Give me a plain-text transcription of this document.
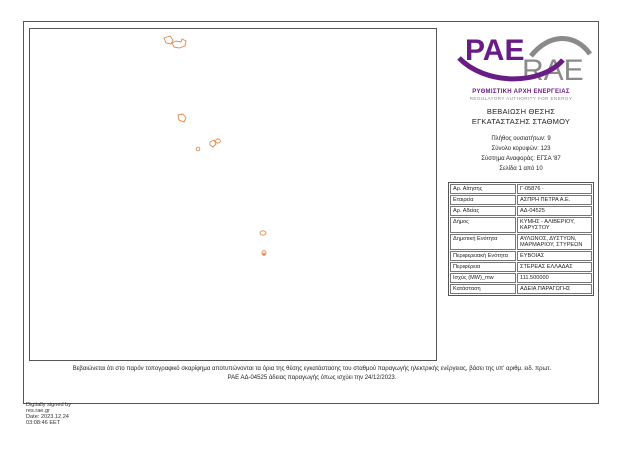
PAE
RAE
ΡΥΘΜΙΣΤΙΚΗ ΑΡΧΗ ΕΝΕΡΓΕΙΑΣ
REGULATORY AUTHORITY FOR ENERGY
ΒΕΒΑΙΩΣΗ ΘΕΣΗΣ
ΕΓΚΑΤΑΣΤΑΣΗΣ ΣΤΑΘΜΟΥ
Πλήθος ουσιατήτων: 9
Σύνολο κορυφών: 123
Σύστημα Αναφοράς: ΕΓΣΑ '87
Σελίδα 1 από 10
Αρ. Αίτησης	Γ-05876 ·
Εταιρεία	ΑΣΠΡΗ ΠΕΤΡΑ Α.Ε.
Αρ. Αδείας	ΑΔ-04525
Δήμος	ΚΥΜΗΣ - ΑΛΙΒΕΡΙΟΥ, ΚΑΡΥΣΤΟΥ
Δημοτική Ενότητα	ΑΥΛΩΝΟΣ, ΔΥΣΤΥΩΝ, ΜΑΡΜΑΡΙΟΥ, ΣΤΥΡΕΩΝ
Περιφερειακή Ενότητα	ΕΥΒΟΙΑΣ
Περιφέρεια	ΣΤΕΡΕΑΣ ΕΛΛΑΔΑΣ
Ισχύς (MW)_mw	111.500000
Κατάσταση	ΑΔΕΙΑ ΠΑΡΑΓΩΓΗΣ
Βεβαιώνεται ότι στο παρόν τοπογραφικό σκαρίφημα αποτυπώνονται τα όρια της θέσης εγκατάστασης του σταθμού παραγωγής ηλεκτρικής ενέργειας, βάσει της υπ' αριθμ. ειδ. πρωτ.
ΡΑΕ ΑΔ-04525 άδειας παραγωγής όπως ισχύει την 24/12/2023.
Digitally signed by
res.rae.gr
Date: 2023.12.24
03:08:46 EET
